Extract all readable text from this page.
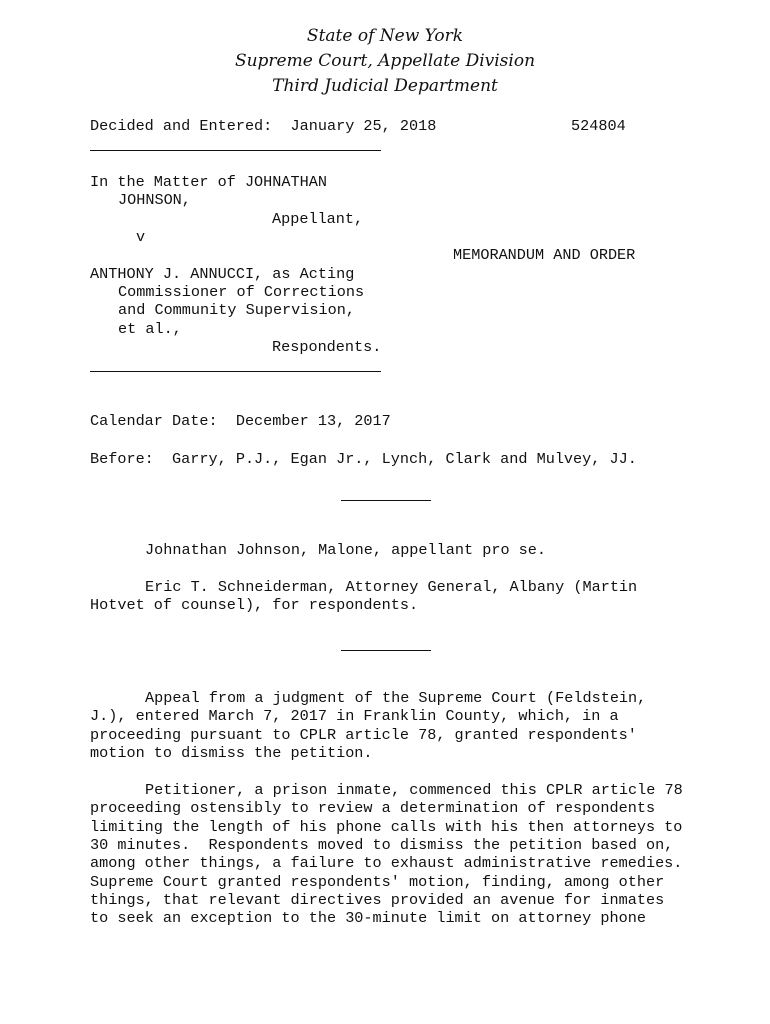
State of New York
Supreme Court, Appellate Division
Third Judicial Department
Decided and Entered:  January 25, 2018	524804
In the Matter of JOHNATHAN
JOHNSON,
Appellant,
v
MEMORANDUM AND ORDER
ANTHONY J. ANNUCCI, as Acting
Commissioner of Corrections
and Community Supervision,
et al.,
Respondents.
Calendar Date:  December 13, 2017
Before:  Garry, P.J., Egan Jr., Lynch, Clark and Mulvey, JJ.
Johnathan Johnson, Malone, appellant pro se.
Eric T. Schneiderman, Attorney General, Albany (Martin
Hotvet of counsel), for respondents.
Appeal from a judgment of the Supreme Court (Feldstein,
J.), entered March 7, 2017 in Franklin County, which, in a
proceeding pursuant to CPLR article 78, granted respondents'
motion to dismiss the petition.
Petitioner, a prison inmate, commenced this CPLR article 78
proceeding ostensibly to review a determination of respondents
limiting the length of his phone calls with his then attorneys to
30 minutes.  Respondents moved to dismiss the petition based on,
among other things, a failure to exhaust administrative remedies.
Supreme Court granted respondents' motion, finding, among other
things, that relevant directives provided an avenue for inmates
to seek an exception to the 30-minute limit on attorney phone
